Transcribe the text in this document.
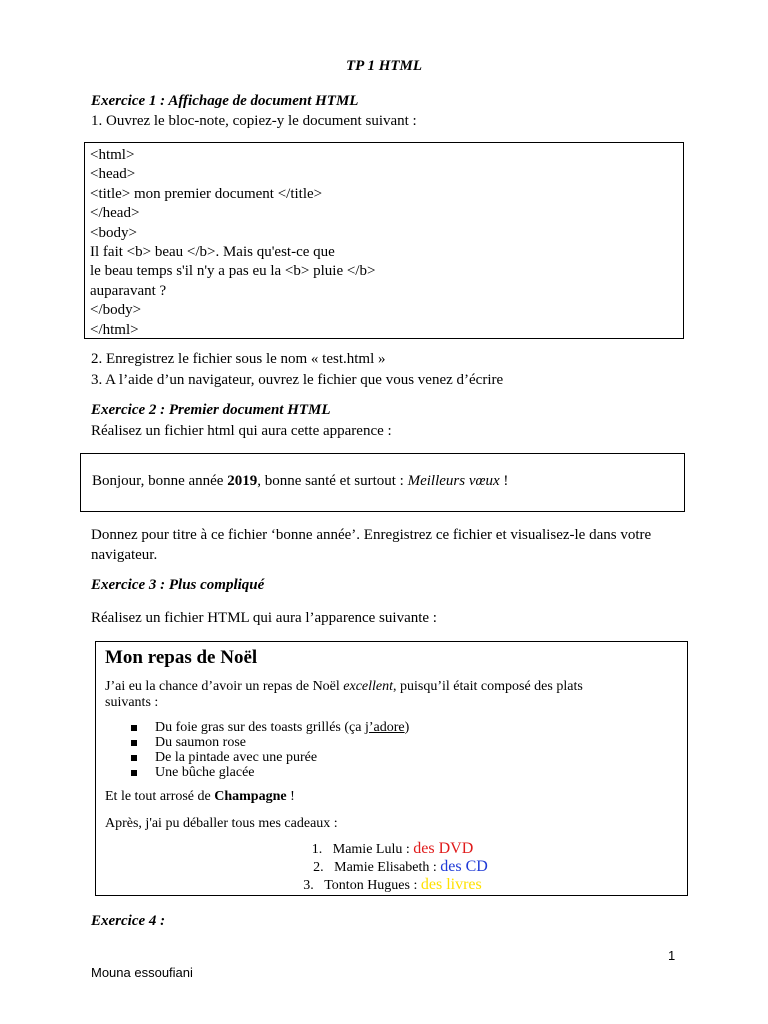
TP 1 HTML
Exercice 1 : Affichage de document HTML
1. Ouvrez le bloc-note, copiez-y le document suivant :
<html>
<head>
<title> mon premier document </title>
</head>
<body>
Il fait <b> beau </b>. Mais qu'est-ce que
le beau temps s'il n'y a pas eu la <b> pluie </b>
auparavant ?
</body>
</html>
2. Enregistrez le fichier sous le nom « test.html »
3. A l’aide d’un navigateur, ouvrez le fichier que vous venez d’écrire
Exercice 2 : Premier document HTML
Réalisez un fichier html qui aura cette apparence :
Bonjour, bonne année 2019, bonne santé et surtout : Meilleurs vœux !
Donnez pour titre à ce fichier ‘bonne année’. Enregistrez ce fichier et visualisez-le dans votre
navigateur.
Exercice 3 : Plus compliqué
Réalisez un fichier HTML qui aura l’apparence suivante :
Mon repas de Noël
J’ai eu la chance d’avoir un repas de Noël excellent, puisqu’il était composé des plats
suivants :
Du foie gras sur des toasts grillés (ça j’adore)
Du saumon rose
De la pintade avec une purée
Une bûche glacée
Et le tout arrosé de Champagne !
Après, j'ai pu déballer tous mes cadeaux :
1. Mamie Lulu : des DVD
2. Mamie Elisabeth : des CD
3. Tonton Hugues : des livres
Exercice 4 :
1
Mouna essoufiani
